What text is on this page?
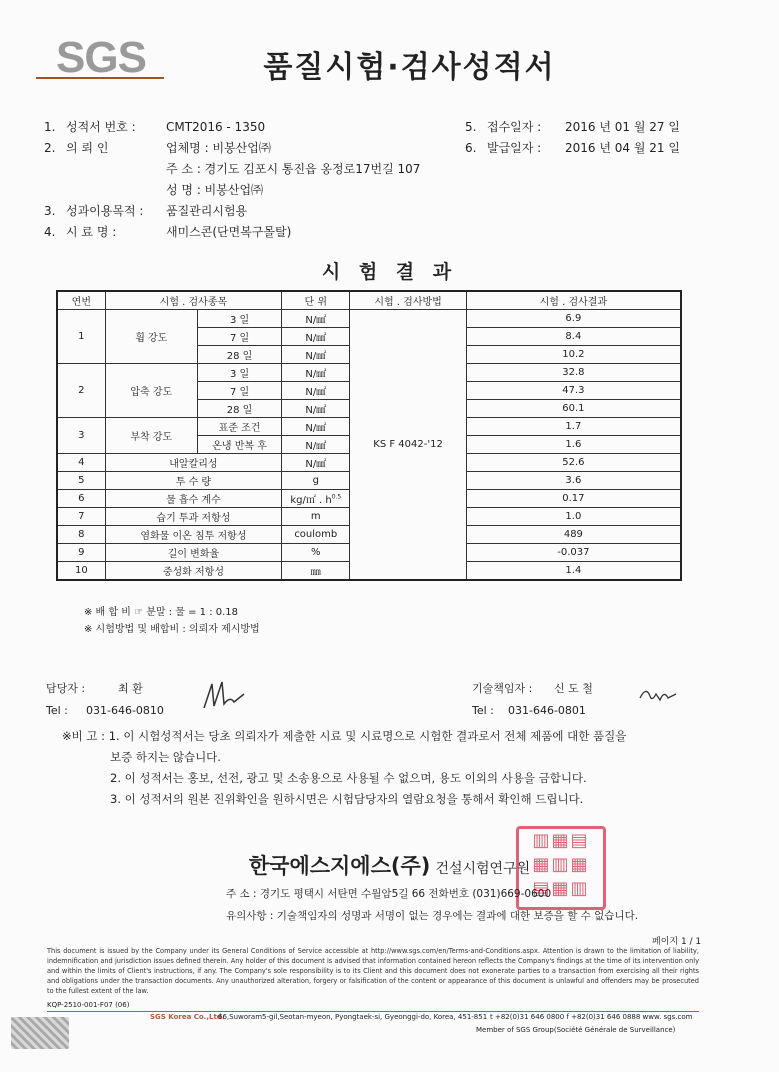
SGS	품질시험·검사성적서
1. 성적서 번호 :	CMT2016 - 1350
2. 의 뢰 인	업체명 : 비봉산업㈜
주 소 : 경기도 김포시 통진읍 옹정로17번길 107
성 명 : 비봉산업㈜
3. 성과이용목적 : 품질관리시험용
4. 시 료 명 :	새미스콘(단면복구몰탈)
5. 접수일자 : 2016 년 01 월 27 일
6. 발급일자 : 2016 년 04 월 21 일
시 험 결 과
연번	시험 . 검사종목		단 위	시험 . 검사방법	시험 . 검사결과
1	휨 강도	3 일	N/㎟	KS F 4042-'12	6.9
		7 일	N/㎟		8.4
		28 일	N/㎟		10.2
2	압축 강도	3 일	N/㎟		32.8
		7 일	N/㎟		47.3
		28 일	N/㎟		60.1
3	부착 강도	표준 조건	N/㎟		1.7
		온냉 반복 후	N/㎟		1.6
4	내알칼리성		N/㎟		52.6
5	투 수 량		g		3.6
6	물 흡수 계수		kg/㎡ . $h^{0.5}$		0.17
7	습기 투과 저항성		m		1.0
8	염화물 이온 침투 저항성		coulomb		489
9	길이 변화율		%		-0.037
10	중성화 저항성		㎜		1.4
※ 배 합 비 ☞ 분말 : 물 = 1 : 0.18
※ 시험방법 및 배합비 : 의뢰자 제시방법
담당자 :	최 환
Tel : 031-646-0810
기술책임자 : 신 도 철
Tel : 031-646-0801
※비 고 : 1. 이 시험성적서는 당초 의뢰자가 제출한 시료 및 시료명으로 시험한 결과로서 전체 제품에 대한 품질을
보증 하지는 않습니다.
2. 이 성적서는 홍보, 선전, 광고 및 소송용으로 사용될 수 없으며, 용도 이외의 사용을 금합니다.
3. 이 성적서의 원본 진위확인을 원하시면은 시험담당자의 열람요청을 통해서 확인해 드립니다.
한국에스지에스(주) 건설시험연구원
▥▦▤
▦▥▦
▤▦▥
주 소 : 경기도 평택시 서탄면 수월암5길 66 전화번호 (031)669-0600
유의사항 : 기술책임자의 성명과 서명이 없는 경우에는 결과에 대한 보증을 할 수 없습니다.
페이지 1 / 1
This document is issued by the Company under its General Conditions of Service accessible at http://www.sgs.com/en/Terms-and-Conditions.aspx. Attention is drawn to the limitation of liability, indemnification and jurisdiction issues defined therein. Any holder of this document is advised that information contained hereon reflects the Company's findings at the time of its intervention only and within the limits of Client's instructions, if any. The Company's sole responsibility is to its Client and this document does not exonerate parties to a transaction from exercising all their rights and obligations under the transaction documents. Any unauthorized alteration, forgery or falsification of the content or appearance of this document is unlawful and offenders may be prosecuted to the fullest extent of the law.
KQP-2510-001-F07 (06)
SGS Korea Co.,Ltd.
66,Suworam5-gil,Seotan-myeon, Pyongtaek-si, Gyeonggi-do, Korea, 451-851 t +82(0)31 646 0800 f +82(0)31 646 0888 www. sgs.com
Member of SGS Group(Société Générale de Surveillance)
